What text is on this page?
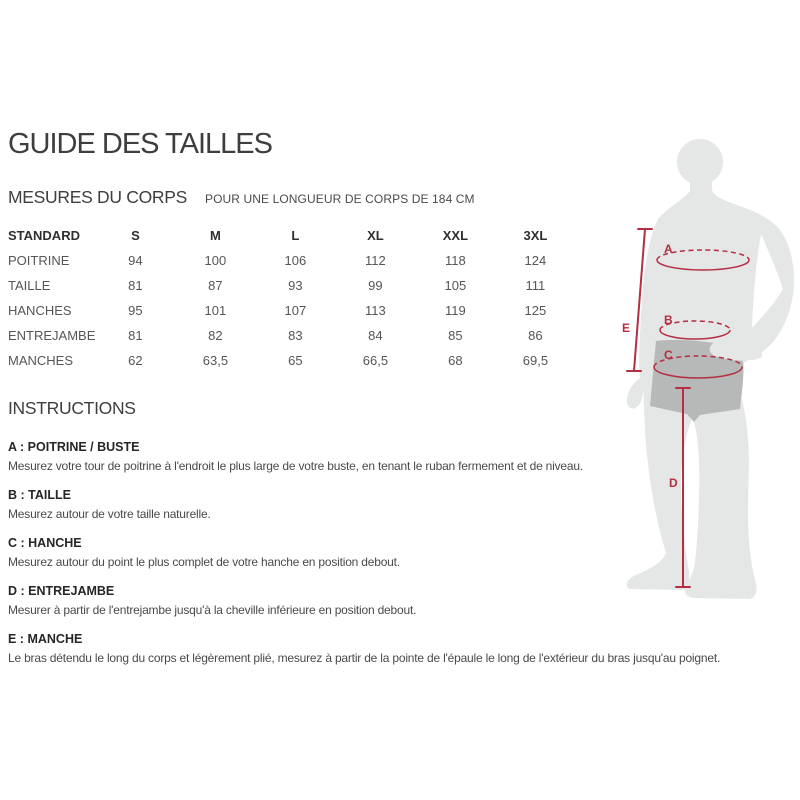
GUIDE DES TAILLES
MESURES DU CORPS POUR UNE LONGUEUR DE CORPS DE 184 CM
STANDARD	S	M	L	XL	XXL	3XL
POITRINE	94	100	106	112	118	124
TAILLE	81	87	93	99	105	111
HANCHES	95	101	107	113	119	125
ENTREJAMBE	81	82	83	84	85	86
MANCHES	62	63,5	65	66,5	68	69,5
INSTRUCTIONS
A : POITRINE / BUSTE
Mesurez votre tour de poitrine à l'endroit le plus large de votre buste, en tenant le ruban fermement et de niveau.
B : TAILLE
Mesurez autour de votre taille naturelle.
C : HANCHE
Mesurez autour du point le plus complet de votre hanche en position debout.
D : ENTREJAMBE
Mesurer à partir de l'entrejambe jusqu'à la cheville inférieure en position debout.
E : MANCHE
Le bras détendu le long du corps et légèrement plié, mesurez à partir de la pointe de l'épaule le long de l'extérieur du bras jusqu'au poignet.
A
B
C
E
D
